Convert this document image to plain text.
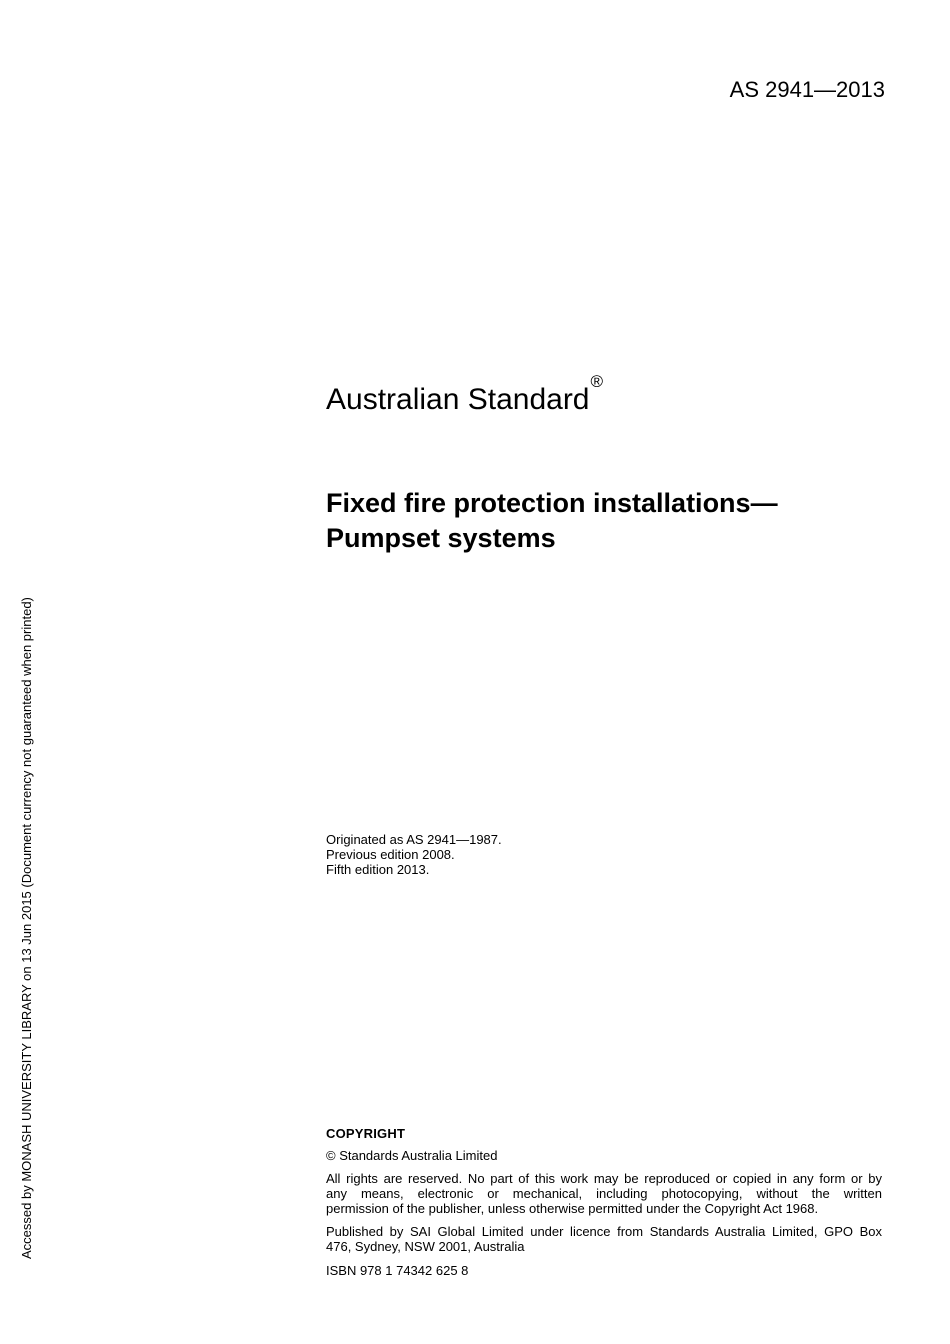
AS 2941—2013
Australian Standard®
Fixed fire protection installations—
Pumpset systems
Originated as AS 2941—1987.
Previous edition 2008.
Fifth edition 2013.
COPYRIGHT
© Standards Australia Limited
All rights are reserved. No part of this work may be reproduced or copied in any form or by
any means, electronic or mechanical, including photocopying, without the written
permission of the publisher, unless otherwise permitted under the Copyright Act 1968.
Published by SAI Global Limited under licence from Standards Australia Limited, GPO Box
476, Sydney, NSW 2001, Australia
ISBN 978 1 74342 625 8
Accessed by MONASH UNIVERSITY LIBRARY on 13 Jun 2015 (Document currency not guaranteed when printed)
